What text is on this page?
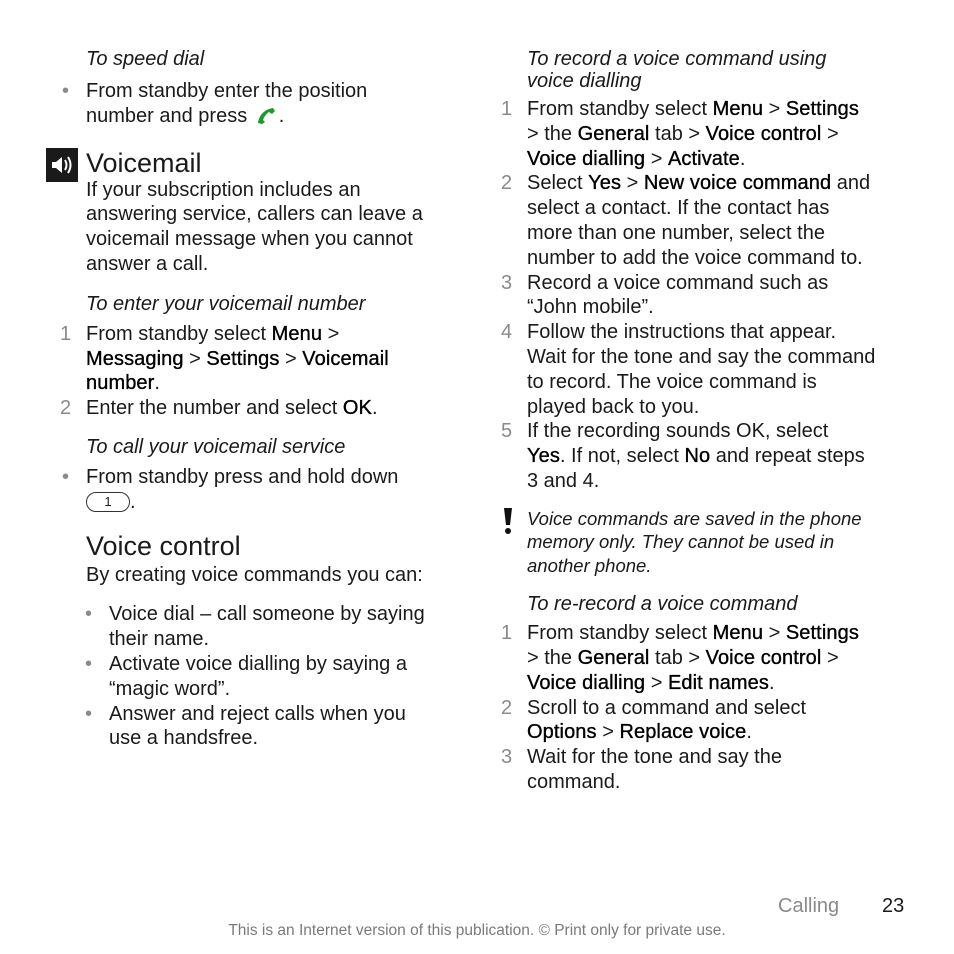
To speed dial
• From standby enter the position
number and press .
Voicemail
If your subscription includes an
answering service, callers can leave a
voicemail message when you cannot
answer a call.
To enter your voicemail number
1 From standby select Menu >
Messaging > Settings > Voicemail
number.
2 Enter the number and select OK.
To call your voicemail service
• From standby press and hold down
1 .
Voice control
By creating voice commands you can:
• Voice dial – call someone by saying
their name.
• Activate voice dialling by saying a
“magic word”.
• Answer and reject calls when you
use a handsfree.
To record a voice command using
voice dialling
1 From standby select Menu > Settings
> the General tab > Voice control >
Voice dialling > Activate.
2 Select Yes > New voice command and
select a contact. If the contact has
more than one number, select the
number to add the voice command to.
3 Record a voice command such as
“John mobile”.
4 Follow the instructions that appear.
Wait for the tone and say the command
to record. The voice command is
played back to you.
5 If the recording sounds OK, select
Yes. If not, select No and repeat steps
3 and 4.
Voice commands are saved in the phone
memory only. They cannot be used in
another phone.
To re-record a voice command
1 From standby select Menu > Settings
> the General tab > Voice control >
Voice dialling > Edit names.
2 Scroll to a command and select
Options > Replace voice.
3 Wait for the tone and say the
command.
Calling 23
This is an Internet version of this publication. © Print only for private use.
